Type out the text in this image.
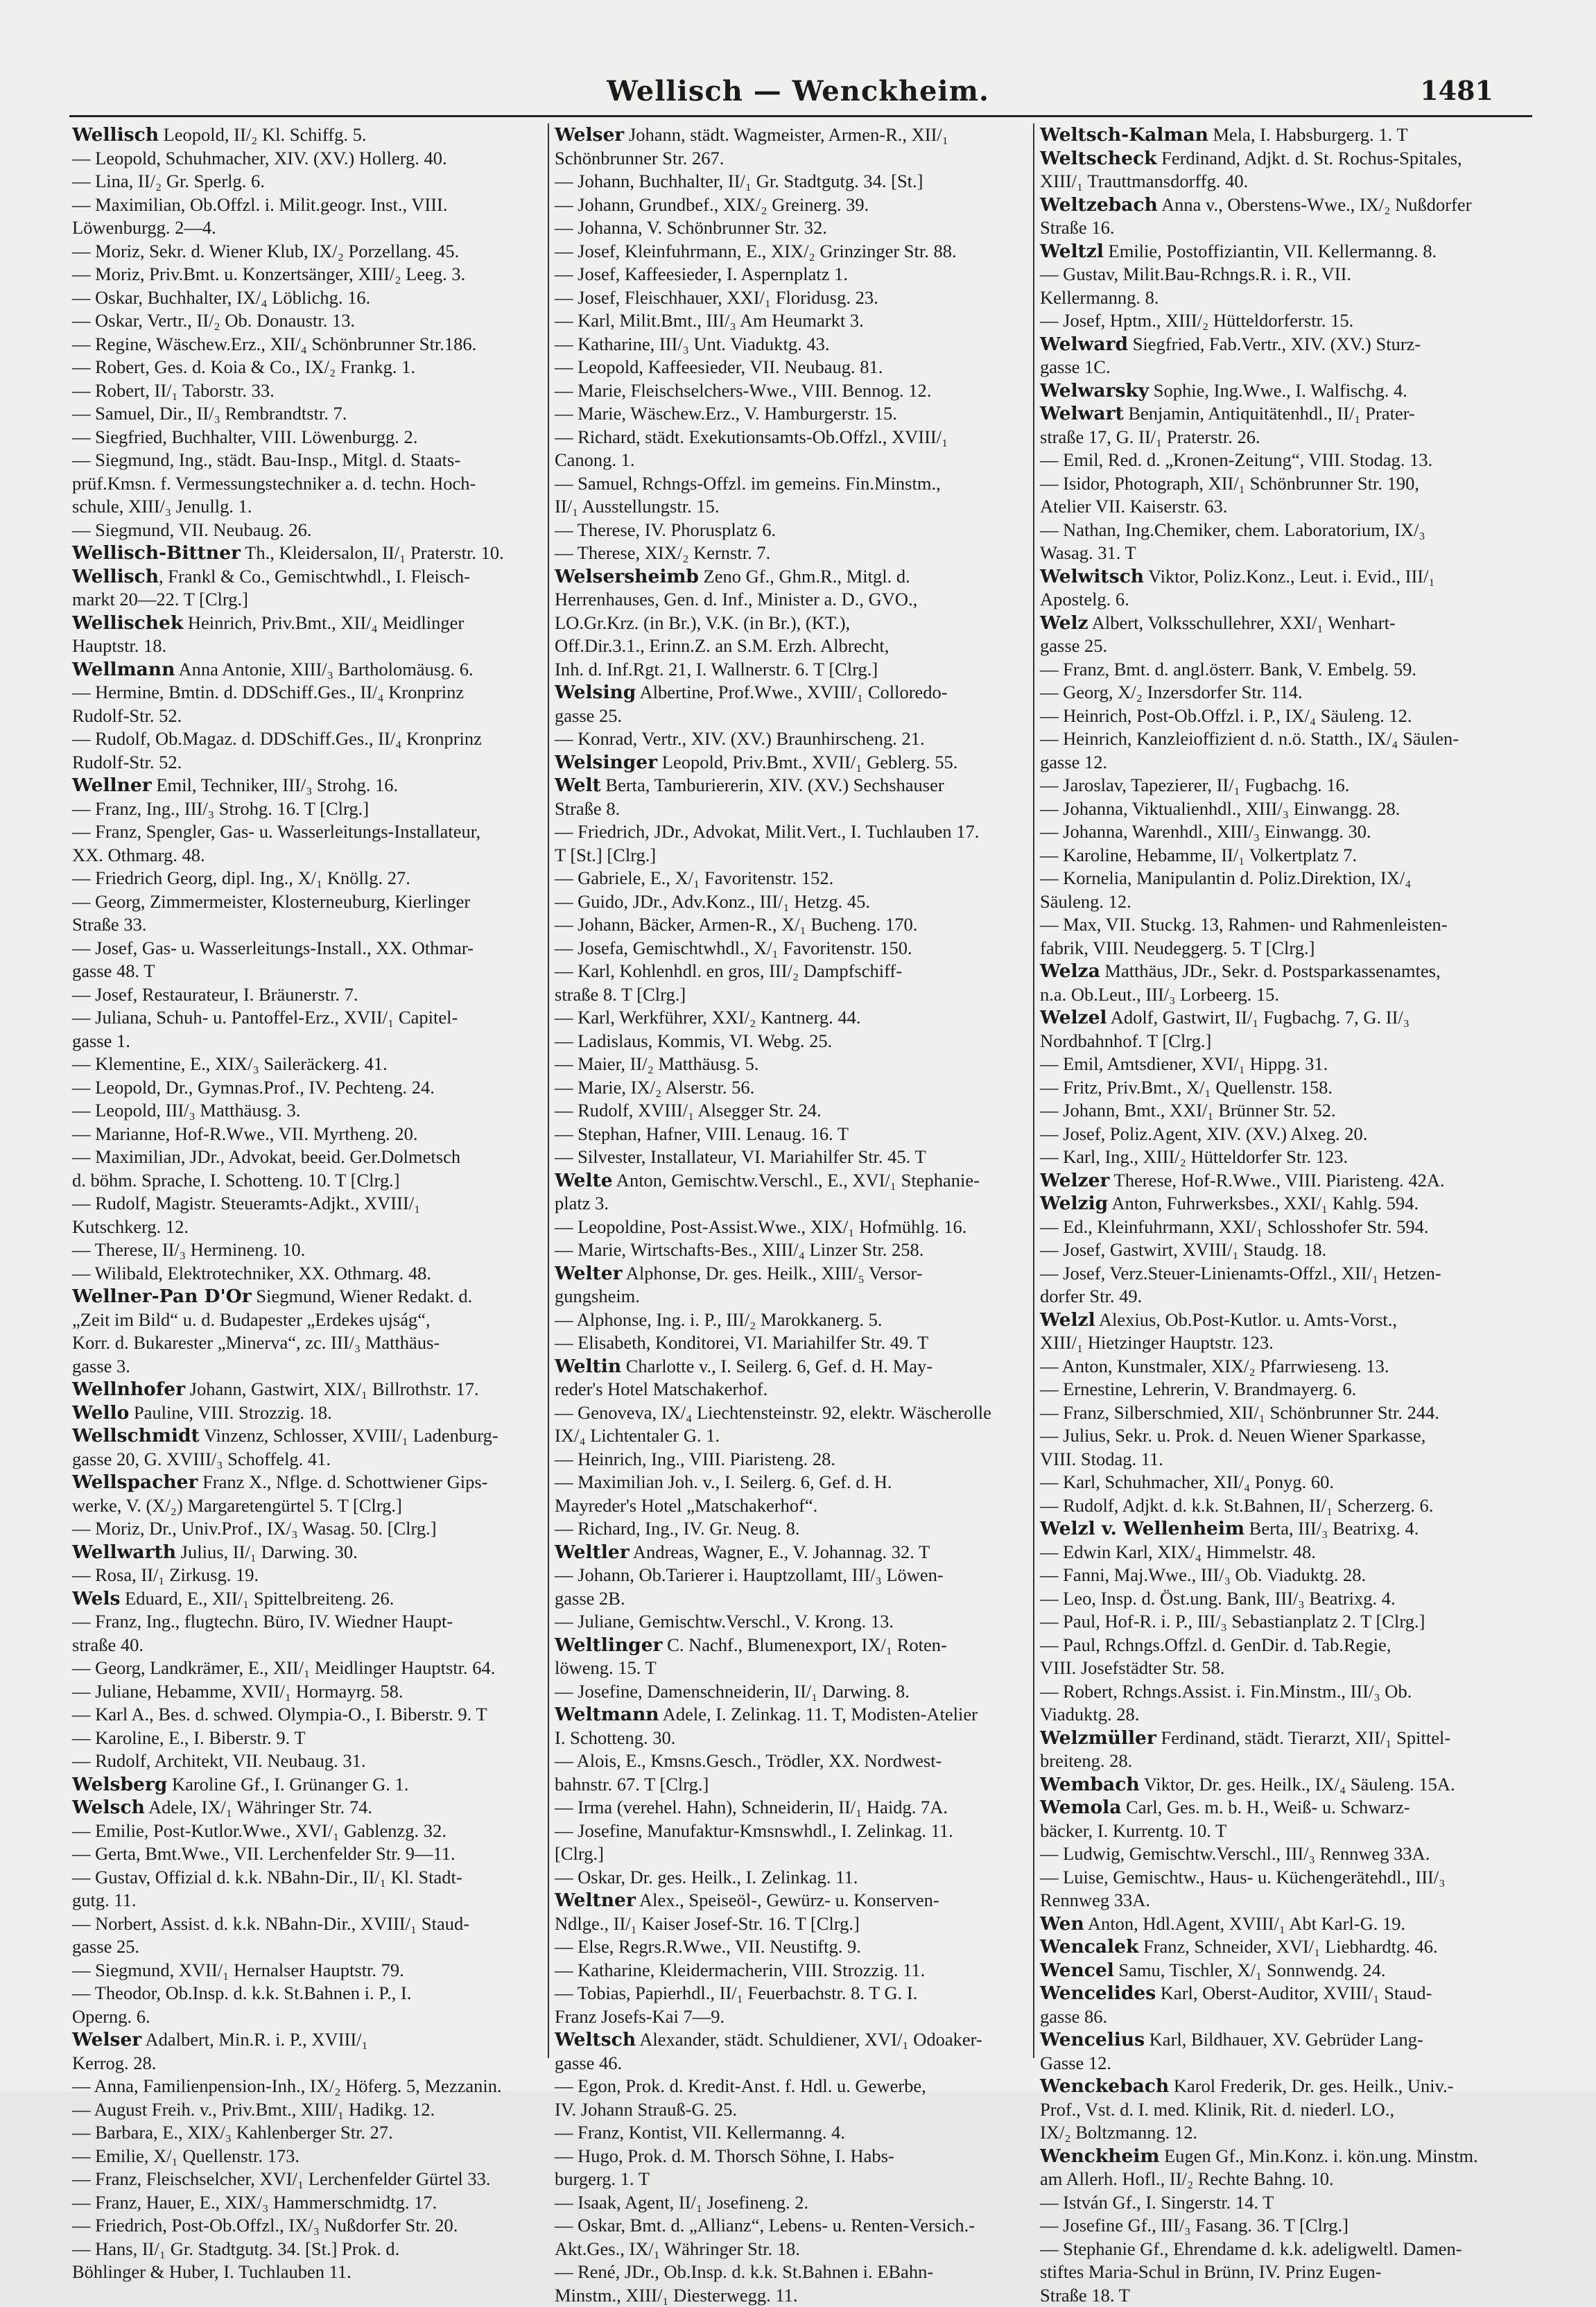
Wellisch — Wenckheim.	1481

Wellisch Leopold, II/₂ Kl. Schiffg. 5.

— Leopold, Schuhmacher, XIV. (XV.) Hollerg. 40.

— Lina, II/₂ Gr. Sperlg. 6.

— Maximilian, Ob.Offzl. i. Milit.geogr. Inst., VIII.

Löwenburgg. 2—4.

— Moriz, Sekr. d. Wiener Klub, IX/₂ Porzellang. 45.

— Moriz, Priv.Bmt. u. Konzertsänger, XIII/₂ Leeg. 3.

— Oskar, Buchhalter, IX/₄ Löblichg. 16.

— Oskar, Vertr., II/₂ Ob. Donaustr. 13.

— Regine, Wäschew.Erz., XII/₄ Schönbrunner Str.186.

— Robert, Ges. d. Koia & Co., IX/₂ Frankg. 1.

— Robert, II/₁ Taborstr. 33.

— Samuel, Dir., II/₃ Rembrandtstr. 7.

— Siegfried, Buchhalter, VIII. Löwenburgg. 2.

— Siegmund, Ing., städt. Bau-Insp., Mitgl. d. Staats-

prüf.Kmsn. f. Vermessungstechniker a. d. techn. Hoch-

schule, XIII/₃ Jenullg. 1.

— Siegmund, VII. Neubaug. 26.

Wellisch-Bittner Th., Kleidersalon, II/₁ Praterstr. 10.

Wellisch, Frankl & Co., Gemischtwhdl., I. Fleisch-

markt 20—22. T [Clrg.]

Wellischek Heinrich, Priv.Bmt., XII/₄ Meidlinger

Hauptstr. 18.

Wellmann Anna Antonie, XIII/₃ Bartholomäusg. 6.

— Hermine, Bmtin. d. DDSchiff.Ges., II/₄ Kronprinz

Rudolf-Str. 52.

— Rudolf, Ob.Magaz. d. DDSchiff.Ges., II/₄ Kronprinz

Rudolf-Str. 52.

Wellner Emil, Techniker, III/₃ Strohg. 16.

— Franz, Ing., III/₃ Strohg. 16. T [Clrg.]

— Franz, Spengler, Gas- u. Wasserleitungs-Installateur,

XX. Othmarg. 48.

— Friedrich Georg, dipl. Ing., X/₁ Knöllg. 27.

— Georg, Zimmermeister, Klosterneuburg, Kierlinger

Straße 33.

— Josef, Gas- u. Wasserleitungs-Install., XX. Othmar-

gasse 48. T

— Josef, Restaurateur, I. Bräunerstr. 7.

— Juliana, Schuh- u. Pantoffel-Erz., XVII/₁ Capitel-

gasse 1.

— Klementine, E., XIX/₃ Saileräckerg. 41.

— Leopold, Dr., Gymnas.Prof., IV. Pechteng. 24.

— Leopold, III/₃ Matthäusg. 3.

— Marianne, Hof-R.Wwe., VII. Myrtheng. 20.

— Maximilian, JDr., Advokat, beeid. Ger.Dolmetsch

d. böhm. Sprache, I. Schotteng. 10. T [Clrg.]

— Rudolf, Magistr. Steueramts-Adjkt., XVIII/₁

Kutschkerg. 12.

— Therese, II/₃ Hermineng. 10.

— Wilibald, Elektrotechniker, XX. Othmarg. 48.

Wellner-Pan D'Or Siegmund, Wiener Redakt. d.

„Zeit im Bild“ u. d. Budapester „Erdekes ujság“,

Korr. d. Bukarester „Minerva“, zc. III/₃ Matthäus-

gasse 3.

Wellnhofer Johann, Gastwirt, XIX/₁ Billrothstr. 17.

Wello Pauline, VIII. Strozzig. 18.

Wellschmidt Vinzenz, Schlosser, XVIII/₁ Ladenburg-

gasse 20, G. XVIII/₃ Schoffelg. 41.

Wellspacher Franz X., Nflge. d. Schottwiener Gips-

werke, V. (X/₂) Margaretengürtel 5. T [Clrg.]

— Moriz, Dr., Univ.Prof., IX/₃ Wasag. 50. [Clrg.]

Wellwarth Julius, II/₁ Darwing. 30.

— Rosa, II/₁ Zirkusg. 19.

Wels Eduard, E., XII/₁ Spittelbreiteng. 26.

— Franz, Ing., flugtechn. Büro, IV. Wiedner Haupt-

straße 40.

— Georg, Landkrämer, E., XII/₁ Meidlinger Hauptstr. 64.

— Juliane, Hebamme, XVII/₁ Hormayrg. 58.

— Karl A., Bes. d. schwed. Olympia-O., I. Biberstr. 9. T

— Karoline, E., I. Biberstr. 9. T

— Rudolf, Architekt, VII. Neubaug. 31.

Welsberg Karoline Gf., I. Grünanger G. 1.

Welsch Adele, IX/₁ Währinger Str. 74.

— Emilie, Post-Kutlor.Wwe., XVI/₁ Gablenzg. 32.

— Gerta, Bmt.Wwe., VII. Lerchenfelder Str. 9—11.

— Gustav, Offizial d. k.k. NBahn-Dir., II/₁ Kl. Stadt-

gutg. 11.

— Norbert, Assist. d. k.k. NBahn-Dir., XVIII/₁ Staud-

gasse 25.

— Siegmund, XVII/₁ Hernalser Hauptstr. 79.

— Theodor, Ob.Insp. d. k.k. St.Bahnen i. P., I.

Operng. 6.

Welser Adalbert, Min.R. i. P., XVIII/₁

Kerrog. 28.

— Anna, Familienpension-Inh., IX/₂ Höferg. 5, Mezzanin.

— August Freih. v., Priv.Bmt., XIII/₁ Hadikg. 12.

— Barbara, E., XIX/₃ Kahlenberger Str. 27.

— Emilie, X/₁ Quellenstr. 173.

— Franz, Fleischselcher, XVI/₁ Lerchenfelder Gürtel 33.

— Franz, Hauer, E., XIX/₃ Hammerschmidtg. 17.

— Friedrich, Post-Ob.Offzl., IX/₃ Nußdorfer Str. 20.

— Hans, II/₁ Gr. Stadtgutg. 34. [St.] Prok. d.

Böhlinger & Huber, I. Tuchlauben 11.

Welser Johann, städt. Wagmeister, Armen-R., XII/₁

Schönbrunner Str. 267.

— Johann, Buchhalter, II/₁ Gr. Stadtgutg. 34. [St.]

— Johann, Grundbef., XIX/₂ Greinerg. 39.

— Johanna, V. Schönbrunner Str. 32.

— Josef, Kleinfuhrmann, E., XIX/₂ Grinzinger Str. 88.

— Josef, Kaffeesieder, I. Aspernplatz 1.

— Josef, Fleischhauer, XXI/₁ Floridusg. 23.

— Karl, Milit.Bmt., III/₃ Am Heumarkt 3.

— Katharine, III/₃ Unt. Viaduktg. 43.

— Leopold, Kaffeesieder, VII. Neubaug. 81.

— Marie, Fleischselchers-Wwe., VIII. Bennog. 12.

— Marie, Wäschew.Erz., V. Hamburgerstr. 15.

— Richard, städt. Exekutionsamts-Ob.Offzl., XVIII/₁

Canong. 1.

— Samuel, Rchngs-Offzl. im gemeins. Fin.Minstm.,

II/₁ Ausstellungstr. 15.

— Therese, IV. Phorusplatz 6.

— Therese, XIX/₂ Kernstr. 7.

Welsersheimb Zeno Gf., Ghm.R., Mitgl. d.

Herrenhauses, Gen. d. Inf., Minister a. D., GVO.,

LO.Gr.Krz. (in Br.), V.K. (in Br.), (KT.),

Off.Dir.3.1., Erinn.Z. an S.M. Erzh. Albrecht,

Inh. d. Inf.Rgt. 21, I. Wallnerstr. 6. T [Clrg.]

Welsing Albertine, Prof.Wwe., XVIII/₁ Colloredo-

gasse 25.

— Konrad, Vertr., XIV. (XV.) Braunhirscheng. 21.

Welsinger Leopold, Priv.Bmt., XVII/₁ Geblerg. 55.

Welt Berta, Tamburiererin, XIV. (XV.) Sechshauser

Straße 8.

— Friedrich, JDr., Advokat, Milit.Vert., I. Tuchlauben 17.

T [St.] [Clrg.]

— Gabriele, E., X/₁ Favoritenstr. 152.

— Guido, JDr., Adv.Konz., III/₁ Hetzg. 45.

— Johann, Bäcker, Armen-R., X/₁ Bucheng. 170.

— Josefa, Gemischtwhdl., X/₁ Favoritenstr. 150.

— Karl, Kohlenhdl. en gros, III/₂ Dampfschiff-

straße 8. T [Clrg.]

— Karl, Werkführer, XXI/₂ Kantnerg. 44.

— Ladislaus, Kommis, VI. Webg. 25.

— Maier, II/₂ Matthäusg. 5.

— Marie, IX/₂ Alserstr. 56.

— Rudolf, XVIII/₁ Alsegger Str. 24.

— Stephan, Hafner, VIII. Lenaug. 16. T

— Silvester, Installateur, VI. Mariahilfer Str. 45. T

Welte Anton, Gemischtw.Verschl., E., XVI/₁ Stephanie-

platz 3.

— Leopoldine, Post-Assist.Wwe., XIX/₁ Hofmühlg. 16.

— Marie, Wirtschafts-Bes., XIII/₄ Linzer Str. 258.

Welter Alphonse, Dr. ges. Heilk., XIII/₅ Versor-

gungsheim.

— Alphonse, Ing. i. P., III/₂ Marokkanerg. 5.

— Elisabeth, Konditorei, VI. Mariahilfer Str. 49. T

Weltin Charlotte v., I. Seilerg. 6, Gef. d. H. May-

reder's Hotel Matschakerhof.

— Genoveva, IX/₄ Liechtensteinstr. 92, elektr. Wäscherolle

IX/₄ Lichtentaler G. 1.

— Heinrich, Ing., VIII. Piaristeng. 28.

— Maximilian Joh. v., I. Seilerg. 6, Gef. d. H.

Mayreder's Hotel „Matschakerhof“.

— Richard, Ing., IV. Gr. Neug. 8.

Weltler Andreas, Wagner, E., V. Johannag. 32. T

— Johann, Ob.Tarierer i. Hauptzollamt, III/₃ Löwen-

gasse 2B.

— Juliane, Gemischtw.Verschl., V. Krong. 13.

Weltlinger C. Nachf., Blumenexport, IX/₁ Roten-

löweng. 15. T

— Josefine, Damenschneiderin, II/₁ Darwing. 8.

Weltmann Adele, I. Zelinkag. 11. T, Modisten-Atelier

I. Schotteng. 30.

— Alois, E., Kmsns.Gesch., Trödler, XX. Nordwest-

bahnstr. 67. T [Clrg.]

— Irma (verehel. Hahn), Schneiderin, II/₁ Haidg. 7A.

— Josefine, Manufaktur-Kmsnswhdl., I. Zelinkag. 11.

[Clrg.]

— Oskar, Dr. ges. Heilk., I. Zelinkag. 11.

Weltner Alex., Speiseöl-, Gewürz- u. Konserven-

Ndlge., II/₁ Kaiser Josef-Str. 16. T [Clrg.]

— Else, Regrs.R.Wwe., VII. Neustiftg. 9.

— Katharine, Kleidermacherin, VIII. Strozzig. 11.

— Tobias, Papierhdl., II/₁ Feuerbachstr. 8. T G. I.

Franz Josefs-Kai 7—9.

Weltsch Alexander, städt. Schuldiener, XVI/₁ Odoaker-

gasse 46.

— Egon, Prok. d. Kredit-Anst. f. Hdl. u. Gewerbe,

IV. Johann Strauß-G. 25.

— Franz, Kontist, VII. Kellermanng. 4.

— Hugo, Prok. d. M. Thorsch Söhne, I. Habs-

burgerg. 1. T

— Isaak, Agent, II/₁ Josefineng. 2.

— Oskar, Bmt. d. „Allianz“, Lebens- u. Renten-Versich.-

Akt.Ges., IX/₁ Währinger Str. 18.

— René, JDr., Ob.Insp. d. k.k. St.Bahnen i. EBahn-

Minstm., XIII/₁ Diesterwegg. 11.

Weltsch-Kalman Mela, I. Habsburgerg. 1. T

Weltscheck Ferdinand, Adjkt. d. St. Rochus-Spitales,

XIII/₁ Trauttmansdorffg. 40.

Weltzebach Anna v., Oberstens-Wwe., IX/₂ Nußdorfer

Straße 16.

Weltzl Emilie, Postoffiziantin, VII. Kellermanng. 8.

— Gustav, Milit.Bau-Rchngs.R. i. R., VII.

Kellermanng. 8.

— Josef, Hptm., XIII/₂ Hütteldorferstr. 15.

Welward Siegfried, Fab.Vertr., XIV. (XV.) Sturz-

gasse 1C.

Welwarsky Sophie, Ing.Wwe., I. Walfischg. 4.

Welwart Benjamin, Antiquitätenhdl., II/₁ Prater-

straße 17, G. II/₁ Praterstr. 26.

— Emil, Red. d. „Kronen-Zeitung“, VIII. Stodag. 13.

— Isidor, Photograph, XII/₁ Schönbrunner Str. 190,

Atelier VII. Kaiserstr. 63.

— Nathan, Ing.Chemiker, chem. Laboratorium, IX/₃

Wasag. 31. T

Welwitsch Viktor, Poliz.Konz., Leut. i. Evid., III/₁

Apostelg. 6.

Welz Albert, Volksschullehrer, XXI/₁ Wenhart-

gasse 25.

— Franz, Bmt. d. angl.österr. Bank, V. Embelg. 59.

— Georg, X/₂ Inzersdorfer Str. 114.

— Heinrich, Post-Ob.Offzl. i. P., IX/₄ Säuleng. 12.

— Heinrich, Kanzleioffizient d. n.ö. Statth., IX/₄ Säulen-

gasse 12.

— Jaroslav, Tapezierer, II/₁ Fugbachg. 16.

— Johanna, Viktualienhdl., XIII/₃ Einwangg. 28.

— Johanna, Warenhdl., XIII/₃ Einwangg. 30.

— Karoline, Hebamme, II/₁ Volkertplatz 7.

— Kornelia, Manipulantin d. Poliz.Direktion, IX/₄

Säuleng. 12.

— Max, VII. Stuckg. 13, Rahmen- und Rahmenleisten-

fabrik, VIII. Neudeggerg. 5. T [Clrg.]

Welza Matthäus, JDr., Sekr. d. Postsparkassenamtes,

n.a. Ob.Leut., III/₃ Lorbeerg. 15.

Welzel Adolf, Gastwirt, II/₁ Fugbachg. 7, G. II/₃

Nordbahnhof. T [Clrg.]

— Emil, Amtsdiener, XVI/₁ Hippg. 31.

— Fritz, Priv.Bmt., X/₁ Quellenstr. 158.

— Johann, Bmt., XXI/₁ Brünner Str. 52.

— Josef, Poliz.Agent, XIV. (XV.) Alxeg. 20.

— Karl, Ing., XIII/₂ Hütteldorfer Str. 123.

Welzer Therese, Hof-R.Wwe., VIII. Piaristeng. 42A.

Welzig Anton, Fuhrwerksbes., XXI/₁ Kahlg. 594.

— Ed., Kleinfuhrmann, XXI/₁ Schlosshofer Str. 594.

— Josef, Gastwirt, XVIII/₁ Staudg. 18.

— Josef, Verz.Steuer-Linienamts-Offzl., XII/₁ Hetzen-

dorfer Str. 49.

Welzl Alexius, Ob.Post-Kutlor. u. Amts-Vorst.,

XIII/₁ Hietzinger Hauptstr. 123.

— Anton, Kunstmaler, XIX/₂ Pfarrwieseng. 13.

— Ernestine, Lehrerin, V. Brandmayerg. 6.

— Franz, Silberschmied, XII/₁ Schönbrunner Str. 244.

— Julius, Sekr. u. Prok. d. Neuen Wiener Sparkasse,

VIII. Stodag. 11.

— Karl, Schuhmacher, XII/₄ Ponyg. 60.

— Rudolf, Adjkt. d. k.k. St.Bahnen, II/₁ Scherzerg. 6.

Welzl v. Wellenheim Berta, III/₃ Beatrixg. 4.

— Edwin Karl, XIX/₄ Himmelstr. 48.

— Fanni, Maj.Wwe., III/₃ Ob. Viaduktg. 28.

— Leo, Insp. d. Öst.ung. Bank, III/₃ Beatrixg. 4.

— Paul, Hof-R. i. P., III/₃ Sebastianplatz 2. T [Clrg.]

— Paul, Rchngs.Offzl. d. GenDir. d. Tab.Regie,

VIII. Josefstädter Str. 58.

— Robert, Rchngs.Assist. i. Fin.Minstm., III/₃ Ob.

Viaduktg. 28.

Welzmüller Ferdinand, städt. Tierarzt, XII/₁ Spittel-

breiteng. 28.

Wembach Viktor, Dr. ges. Heilk., IX/₄ Säuleng. 15A.

Wemola Carl, Ges. m. b. H., Weiß- u. Schwarz-

bäcker, I. Kurrentg. 10. T

— Ludwig, Gemischtw.Verschl., III/₃ Rennweg 33A.

— Luise, Gemischtw., Haus- u. Küchengerätehdl., III/₃

Rennweg 33A.

Wen Anton, Hdl.Agent, XVIII/₁ Abt Karl-G. 19.

Wencalek Franz, Schneider, XVI/₁ Liebhardtg. 46.

Wencel Samu, Tischler, X/₁ Sonnwendg. 24.

Wencelides Karl, Oberst-Auditor, XVIII/₁ Staud-

gasse 86.

Wencelius Karl, Bildhauer, XV. Gebrüder Lang-

Gasse 12.

Wenckebach Karol Frederik, Dr. ges. Heilk., Univ.-

Prof., Vst. d. I. med. Klinik, Rit. d. niederl. LO.,

IX/₂ Boltzmanng. 12.

Wenckheim Eugen Gf., Min.Konz. i. kön.ung. Minstm.

am Allerh. Hofl., II/₂ Rechte Bahng. 10.

— István Gf., I. Singerstr. 14. T

— Josefine Gf., III/₃ Fasang. 36. T [Clrg.]

— Stephanie Gf., Ehrendame d. k.k. adeligweltl. Damen-

stiftes Maria-Schul in Brünn, IV. Prinz Eugen-

Straße 18. T
